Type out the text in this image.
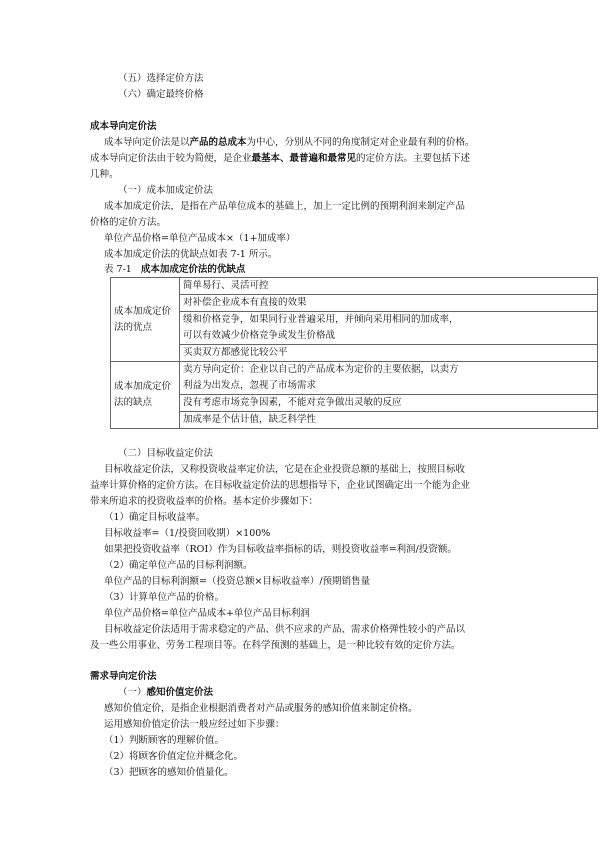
（五）选择定价方法
（六）确定最终价格
成本导向定价法
成本导向定价法是以产品的总成本为中心，分别从不同的角度制定对企业最有利的价格。
成本导向定价法由于较为简便，是企业最基本、最普遍和最常见的定价方法。主要包括下述
几种。
（一）成本加成定价法
成本加成定价法，是指在产品单位成本的基础上，加上一定比例的预期利润来制定产品
价格的定价方法。
单位产品价格=单位产品成本×（1+加成率）
成本加成定价法的优缺点如表 7-1 所示。
表 7-1 成本加成定价法的优缺点
成本加成定价
法的优点	简单易行、灵活可控
	对补偿企业成本有直接的效果
	缓和价格竞争，如果同行业普遍采用，并倾向采用相同的加成率，
	可以有效减少价格竞争或发生价格战
	买卖双方都感觉比较公平
成本加成定价
法的缺点	卖方导向定价：企业以自己的产品成本为定价的主要依据，以卖方
	利益为出发点，忽视了市场需求
	没有考虑市场竞争因素，不能对竞争做出灵敏的反应
	加成率是个估计值，缺乏科学性
（二）目标收益定价法
目标收益定价法，又称投资收益率定价法，它是在企业投资总额的基础上，按照目标收
益率计算价格的定价方法。在目标收益定价法的思想指导下，企业试图确定出一个能为企业
带来所追求的投资收益率的价格。基本定价步骤如下：
（1）确定目标收益率。
目标收益率=（1/投资回收期）×100%
如果把投资收益率（ROI）作为目标收益率指标的话，则投资收益率=利润/投资额。
（2）确定单位产品的目标利润额。
单位产品的目标利润额=（投资总额×目标收益率）/预期销售量
（3）计算单位产品的价格。
单位产品价格=单位产品成本+单位产品目标利润
目标收益定价法适用于需求稳定的产品、供不应求的产品、需求价格弹性较小的产品以
及一些公用事业、劳务工程项目等。在科学预测的基础上，是一种比较有效的定价方法。
需求导向定价法
（一）感知价值定价法
感知价值定价，是指企业根据消费者对产品或服务的感知价值来制定价格。
运用感知价值定价法一般应经过如下步骤：
（1）判断顾客的理解价值。
（2）将顾客价值定位并概念化。
（3）把顾客的感知价值量化。
